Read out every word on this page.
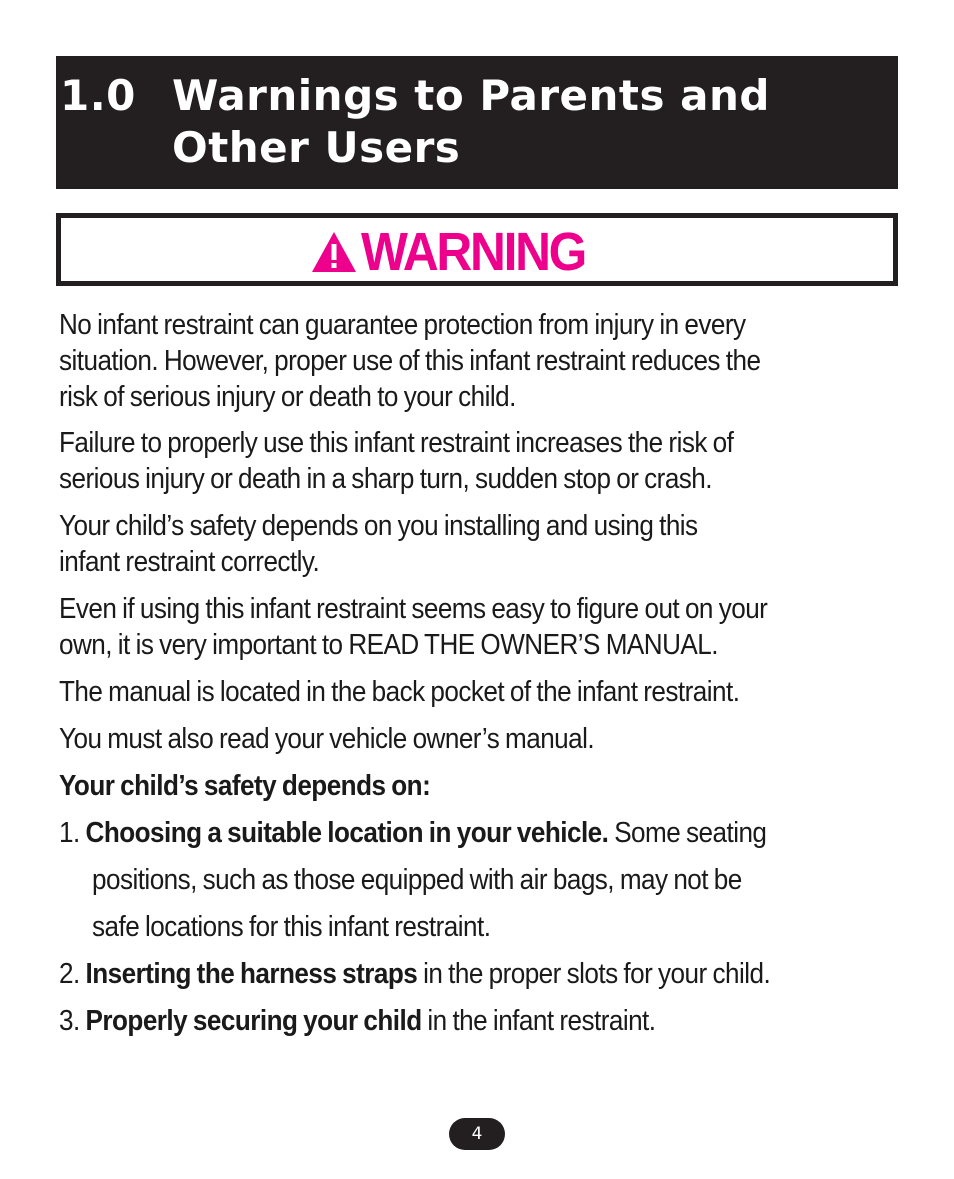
1.0 Warnings to Parents and
Other Users
WARNING
No infant restraint can guarantee protection from injury in every
situation. However, proper use of this infant restraint reduces the
risk of serious injury or death to your child.
Failure to properly use this infant restraint increases the risk of
serious injury or death in a sharp turn, sudden stop or crash.
Your child’s safety depends on you installing and using this
infant restraint correctly.
Even if using this infant restraint seems easy to figure out on your
own, it is very important to READ THE OWNER’S MANUAL.
The manual is located in the back pocket of the infant restraint.
You must also read your vehicle owner’s manual.
Your child’s safety depends on:
1. Choosing a suitable location in your vehicle. Some seating
positions, such as those equipped with air bags, may not be
safe locations for this infant restraint.
2. Inserting the harness straps in the proper slots for your child.
3. Properly securing your child in the infant restraint.
4
